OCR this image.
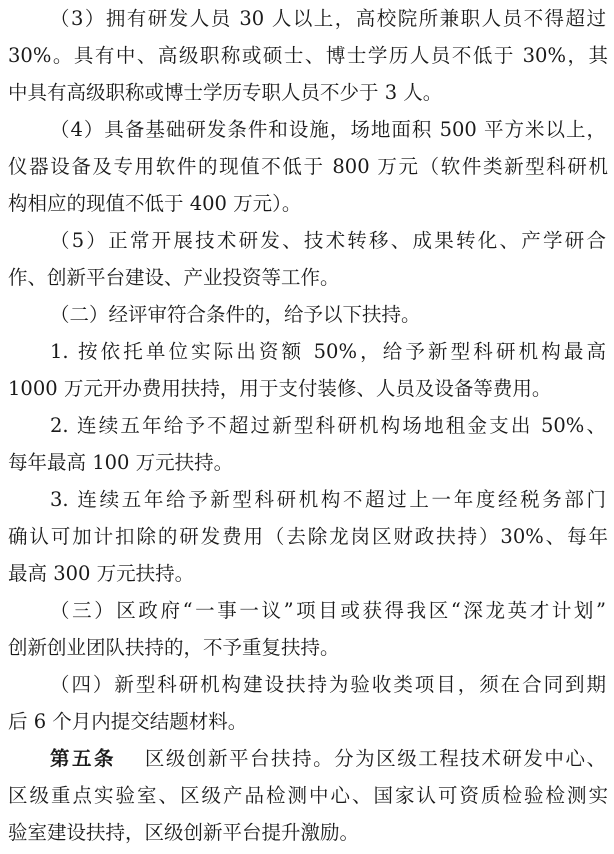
（3）拥有研发人员 30 人以上，高校院所兼职人员不得超过
30%。具有中、高级职称或硕士、博士学历人员不低于 30%，其
中具有高级职称或博士学历专职人员不少于 3 人。
（4）具备基础研发条件和设施，场地面积 500 平方米以上，
仪器设备及专用软件的现值不低于 800 万元（软件类新型科研机
构相应的现值不低于 400 万元）。
（5）正常开展技术研发、技术转移、成果转化、产学研合
作、创新平台建设、产业投资等工作。
（二）经评审符合条件的，给予以下扶持。
1. 按依托单位实际出资额 50%，给予新型科研机构最高
1000 万元开办费用扶持，用于支付装修、人员及设备等费用。
2. 连续五年给予不超过新型科研机构场地租金支出 50%、
每年最高 100 万元扶持。
3. 连续五年给予新型科研机构不超过上一年度经税务部门
确认可加计扣除的研发费用（去除龙岗区财政扶持）30%、每年
最高 300 万元扶持。
（三）区政府“一事一议”项目或获得我区“深龙英才计划”
创新创业团队扶持的，不予重复扶持。
（四）新型科研机构建设扶持为验收类项目，须在合同到期
后 6 个月内提交结题材料。
第五条　 区级创新平台扶持。分为区级工程技术研发中心、
区级重点实验室、区级产品检测中心、国家认可资质检验检测实
验室建设扶持，区级创新平台提升激励。
